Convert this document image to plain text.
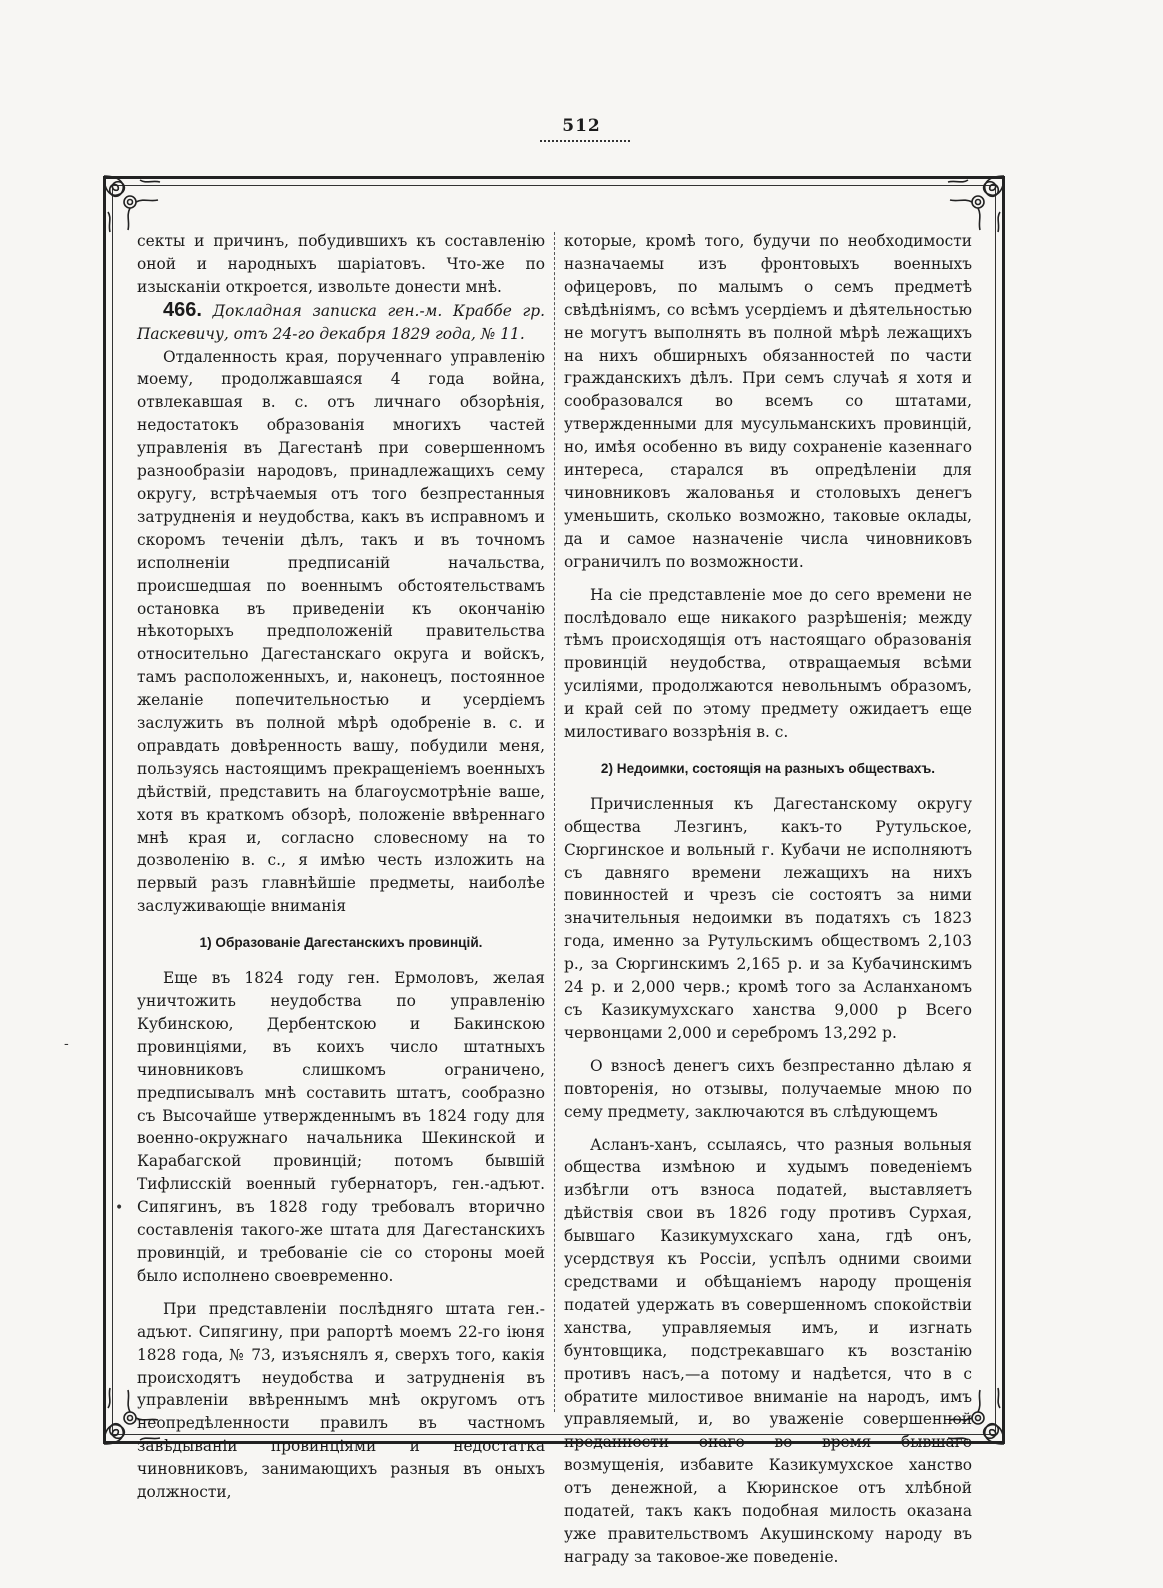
512

секты и причинъ, побудившихъ къ составленію оной и народныхъ шаріатовъ. Что-же по изысканіи откроется, извольте донести мнѣ.

466. Докладная записка ген.-м. Краббе гр. Паскевичу, отъ 24-го декабря 1829 года, № 11.

Отдаленность края, порученнаго управленію моему, продолжавшаяся 4 года война, отвлекавшая в. с. отъ личнаго обзорѣнія, недостатокъ образованія многихъ частей управленія въ Дагестанѣ при совершенномъ разнообразіи народовъ, принадлежащихъ сему округу, встрѣчаемыя отъ того безпрестанныя затрудненія и неудобства, какъ въ исправномъ и скоромъ теченіи дѣлъ, такъ и въ точномъ исполненіи предписаній начальства, происшедшая по военнымъ обстоятельствамъ остановка въ приведеніи къ окончанію нѣкоторыхъ предположеній правительства относительно Дагестанскаго округа и войскъ, тамъ расположенныхъ, и, наконецъ, постоянное желаніе попечительностью и усердіемъ заслужить въ полной мѣрѣ одобреніе в. с. и оправдать довѣренность вашу, побудили меня, пользуясь настоящимъ прекращеніемъ военныхъ дѣйствій, представить на благоусмотрѣніе ваше, хотя въ краткомъ обзорѣ, положеніе ввѣреннаго мнѣ края и, согласно словесному на то дозволенію в. с., я имѣю честь изложить на первый разъ главнѣйшіе предметы, наиболѣе заслуживающіе вниманія

1) Образованіе Дагестанскихъ провинцій.

Еще въ 1824 году ген. Ермоловъ, желая уничтожить неудобства по управленію Кубинскою, Дербентскою и Бакинскою провинціями, въ коихъ число штатныхъ чиновниковъ слишкомъ ограничено, предписывалъ мнѣ составить штатъ, сообразно съ Высочайше утвержденнымъ въ 1824 году для военно-окружнаго начальника Шекинской и Карабагской провинцій; потомъ бывшій Тифлисскій военный губернаторъ, ген.-адъют. Сипягинъ, въ 1828 году требовалъ вторично составленія такого-же штата для Дагестанскихъ провинцій, и требованіе сіе со стороны моей было исполнено своевременно.

При представленіи послѣдняго штата ген.-адъют. Сипягину, при рапортѣ моемъ 22-го іюня 1828 года, № 73, изъяснялъ я, сверхъ того, какія происходятъ неудобства и затрудненія въ управленіи ввѣреннымъ мнѣ округомъ отъ неопредѣленности правилъ въ частномъ завѣдываніи провинціями и недостатка чиновниковъ, занимающихъ разныя въ оныхъ должности,

которые, кромѣ того, будучи по необходимости назначаемы изъ фронтовыхъ военныхъ офицеровъ, по малымъ о семъ предметѣ свѣдѣніямъ, со всѣмъ усердіемъ и дѣятельностью не могутъ выполнять въ полной мѣрѣ лежащихъ на нихъ обширныхъ обязанностей по части гражданскихъ дѣлъ. При семъ случаѣ я хотя и сообразовался во всемъ со штатами, утвержденными для мусульманскихъ провинцій, но, имѣя особенно въ виду сохраненіе казеннаго интереса, старался въ опредѣленіи для чиновниковъ жалованья и столовыхъ денегъ уменьшить, сколько возможно, таковые оклады, да и самое назначеніе числа чиновниковъ ограничилъ по возможности.

На сіе представленіе мое до сего времени не послѣдовало еще никакого разрѣшенія; между тѣмъ происходящія отъ настоящаго образованія провинцій неудобства, отвращаемыя всѣми усиліями, продолжаются невольнымъ образомъ, и край сей по этому предмету ожидаетъ еще милостиваго воззрѣнія в. с.

2) Недоимки, состоящія на разныхъ обществахъ.

Причисленныя къ Дагестанскому округу общества Лезгинъ, какъ-то Рутульское, Сюргинское и вольный г. Кубачи не исполняютъ съ давняго времени лежащихъ на нихъ повинностей и чрезъ сіе состоятъ за ними значительныя недоимки въ податяхъ съ 1823 года, именно за Рутульскимъ обществомъ 2,103 р., за Сюргинскимъ 2,165 р. и за Кубачинскимъ 24 р. и 2,000 черв.; кромѣ того за Асланханомъ съ Казикумухскаго ханства 9,000 р Всего червонцами 2,000 и серебромъ 13,292 р.

О взносѣ денегъ сихъ безпрестанно дѣлаю я повторенія, но отзывы, получаемые мною по сему предмету, заключаются въ слѣдующемъ

Асланъ-ханъ, ссылаясь, что разныя вольныя общества измѣною и худымъ поведеніемъ избѣгли отъ взноса податей, выставляетъ дѣйствія свои въ 1826 году противъ Сурхая, бывшаго Казикумухскаго хана, гдѣ онъ, усердствуя къ Россіи, успѣлъ одними своими средствами и обѣщаніемъ народу прощенія податей удержать въ совершенномъ спокойствіи ханства, управляемыя имъ, и изгнать бунтовщика, подстрекавшаго къ возстанію противъ насъ,—а потому и надѣется, что в с обратите милостивое вниманіе на народъ, имъ управляемый, и, во уваженіе совершенной преданности онаго во время бывшаго возмущенія, избавите Казикумухское ханство отъ денежной, а Кюринское отъ хлѣбной податей, такъ какъ подобная милость оказана уже правительствомъ Акушинскому народу въ награду за таковое-же поведеніе.

-
•
